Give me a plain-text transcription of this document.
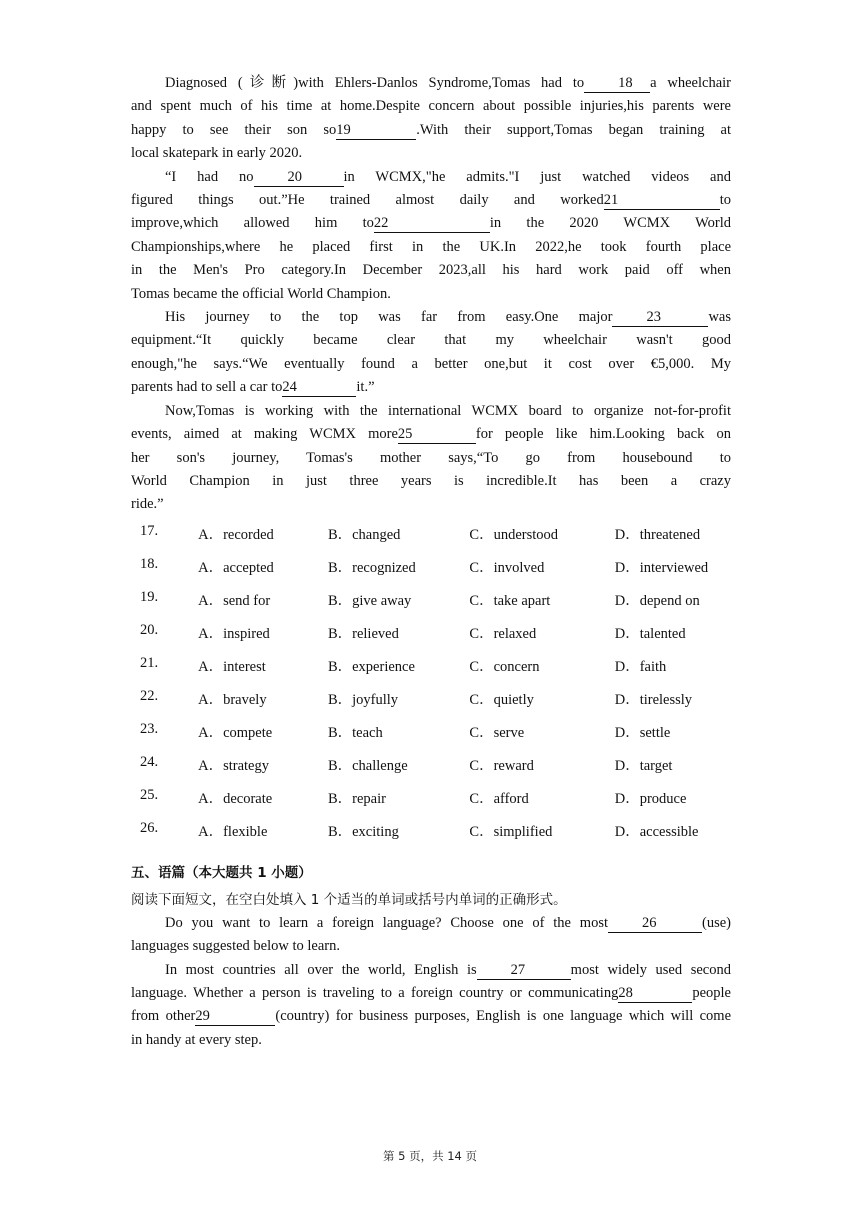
Diagnosed (诊断)with Ehlers-Danlos Syndrome,Tomas had to 18 a wheelchair

and spent much of his time at home.Despite concern about possible injuries,his parents were

happy to see their son so19	.With their support,Tomas began training at

local skatepark in early 2020.

“I had no 20	in WCMX,"he admits."I just watched videos and

figured things out.”He trained almost daily and worked21	to

improve,which allowed him to22	in the 2020 WCMX World

Championships,where he placed first in the UK.In 2022,he took fourth place

in the Men's Pro category.In December 2023,all his hard work paid off when

Tomas became the official World Champion.

His journey to the top was far from easy.One major 23	was

equipment.“It quickly became clear that my wheelchair wasn't good

enough,"he says.“We eventually found a better one,but it cost over €5,000. My

parents had to sell a car to24	it.”

Now,Tomas is working with the international WCMX board to organize not-for-profit

events, aimed at making WCMX more25	for people like him.Looking back on

her son's journey, Tomas's mother says,“To go from housebound to

World Champion in just three years is incredible.It has been a crazy

ride.”

17.	A．recorded	B．changed	C．understood	D．threatened
18.	A．accepted	B．recognized	C．involved	D．interviewed
19.	A．send for	B．give away	C．take apart	D．depend on
20.	A．inspired	B．relieved	C．relaxed	D．talented
21.	A．interest	B．experience	C．concern	D．faith
22.	A．bravely	B．joyfully	C．quietly	D．tirelessly
23.	A．compete	B．teach	C．serve	D．settle
24.	A．strategy	B．challenge	C．reward	D．target
25.	A．decorate	B．repair	C．afford	D．produce
26.	A．flexible	B．exciting	C．simplified	D．accessible
五、语篇（本大题共 1 小题）
阅读下面短文，在空白处填入 1 个适当的单词或括号内单词的正确形式。

Do you want to learn a foreign language? Choose one of the most 26	(use)

languages suggested below to learn.

In most countries all over the world, English is 27	most widely used second

language. Whether a person is traveling to a foreign country or communicating28	people

from other29	(country) for business purposes, English is one language which will come

in handy at every step.

第 5 页，共 14 页
